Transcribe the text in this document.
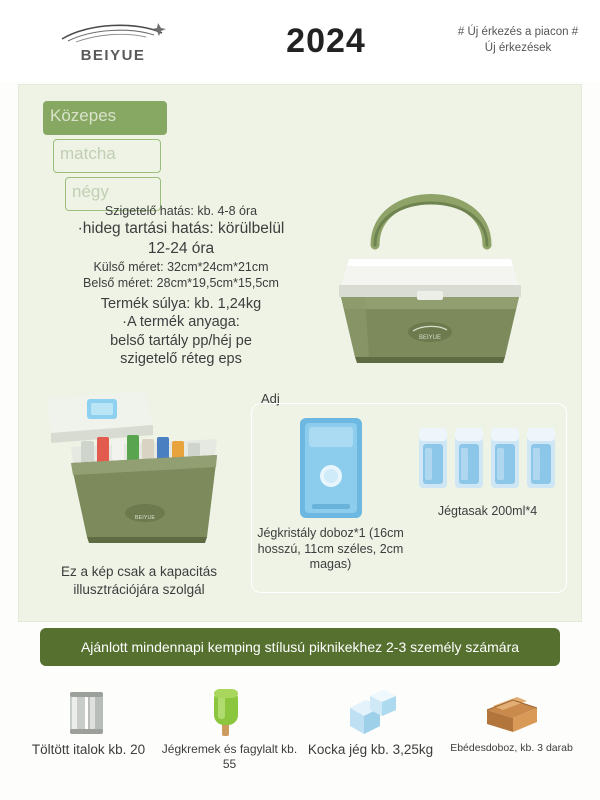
BEIYUE	2024	# Új érkezés a piacon # Új érkezések
Közepes
matcha
négy
Szigetelő hatás: kb. 4-8 óra
·hideg tartási hatás: körülbelül
12-24 óra
Külső méret: 32cm*24cm*21cm
Belső méret: 28cm*19,5cm*15,5cm
Termék súlya: kb. 1,24kg
·A termék anyaga:
belső tartály pp/héj pe
szigetelő réteg eps
BEIYUE
BEIYUE
Ez a kép csak a kapacitás illusztrációjára szolgál
Adj
Jégkristály doboz*1 (16cm hosszú, 11cm széles, 2cm magas)
Jégtasak 200ml*4
Ajánlott mindennapi kemping stílusú piknikekhez 2-3 személy számára
Töltött italok kb. 20 Jégkremek és fagylalt kb. 55
Kocka jég kb. 3,25kg Ebédesdoboz, kb. 3 darab
